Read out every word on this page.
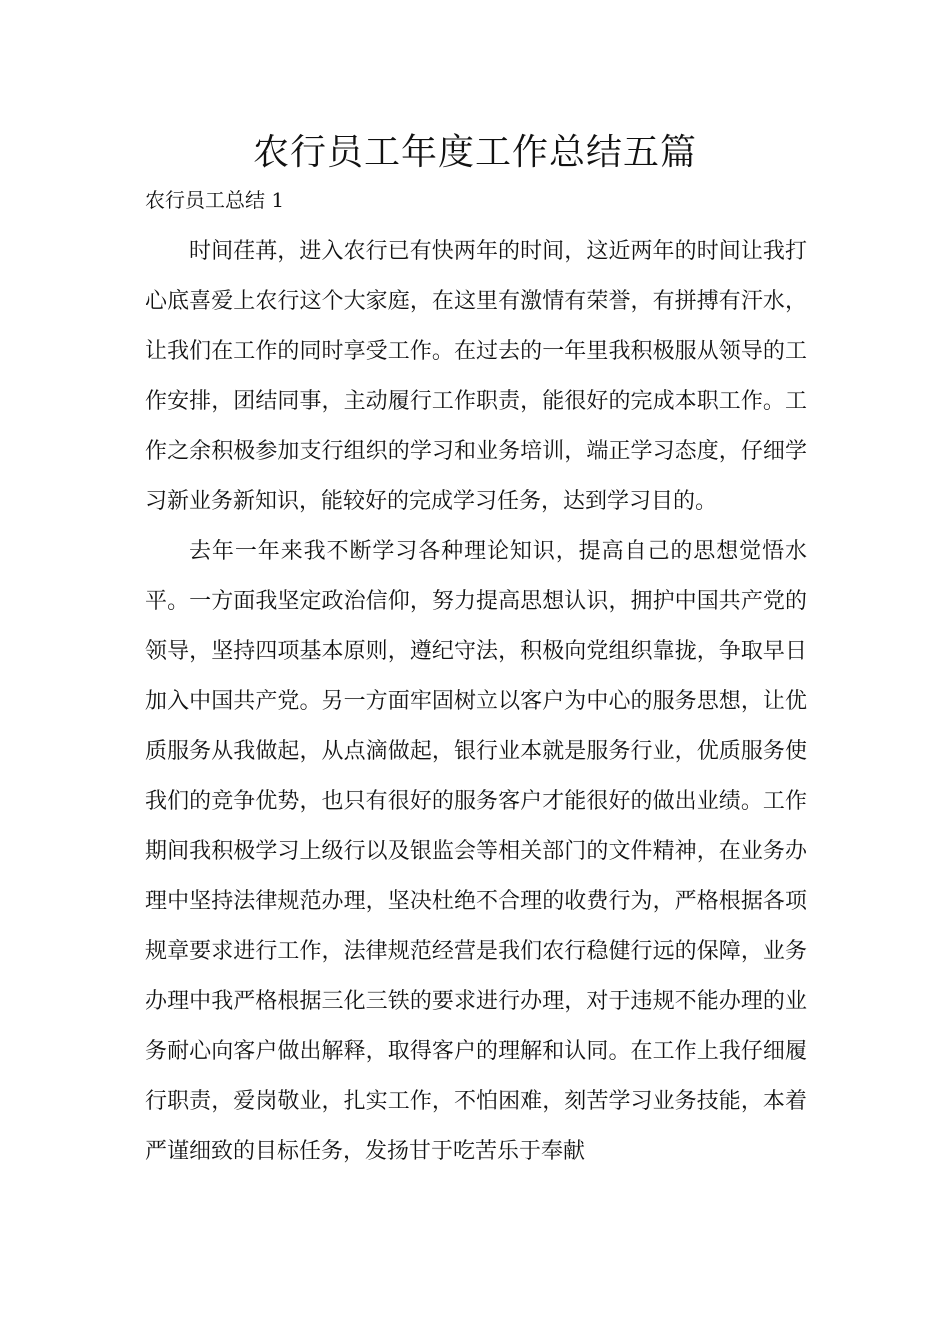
农行员工年度工作总结五篇
农行员工总结 1

时间荏苒，进入农行已有快两年的时间，这近两年的时间让我打心底喜爱上农行这个大家庭，在这里有激情有荣誉，有拼搏有汗水，让我们在工作的同时享受工作。在过去的一年里我积极服从领导的工作安排，团结同事，主动履行工作职责，能很好的完成本职工作。工作之余积极参加支行组织的学习和业务培训，端正学习态度，仔细学习新业务新知识，能较好的完成学习任务，达到学习目的。

去年一年来我不断学习各种理论知识，提高自己的思想觉悟水平。一方面我坚定政治信仰，努力提高思想认识，拥护中国共产党的领导，坚持四项基本原则，遵纪守法，积极向党组织靠拢，争取早日加入中国共产党。另一方面牢固树立以客户为中心的服务思想，让优质服务从我做起，从点滴做起，银行业本就是服务行业，优质服务使我们的竞争优势，也只有很好的服务客户才能很好的做出业绩。工作期间我积极学习上级行以及银监会等相关部门的文件精神，在业务办理中坚持法律规范办理，坚决杜绝不合理的收费行为，严格根据各项规章要求进行工作，法律规范经营是我们农行稳健行远的保障，业务办理中我严格根据三化三铁的要求进行办理，对于违规不能办理的业务耐心向客户做出解释，取得客户的理解和认同。在工作上我仔细履行职责，爱岗敬业，扎实工作，不怕困难，刻苦学习业务技能，本着严谨细致的目标任务，发扬甘于吃苦乐于奉献
